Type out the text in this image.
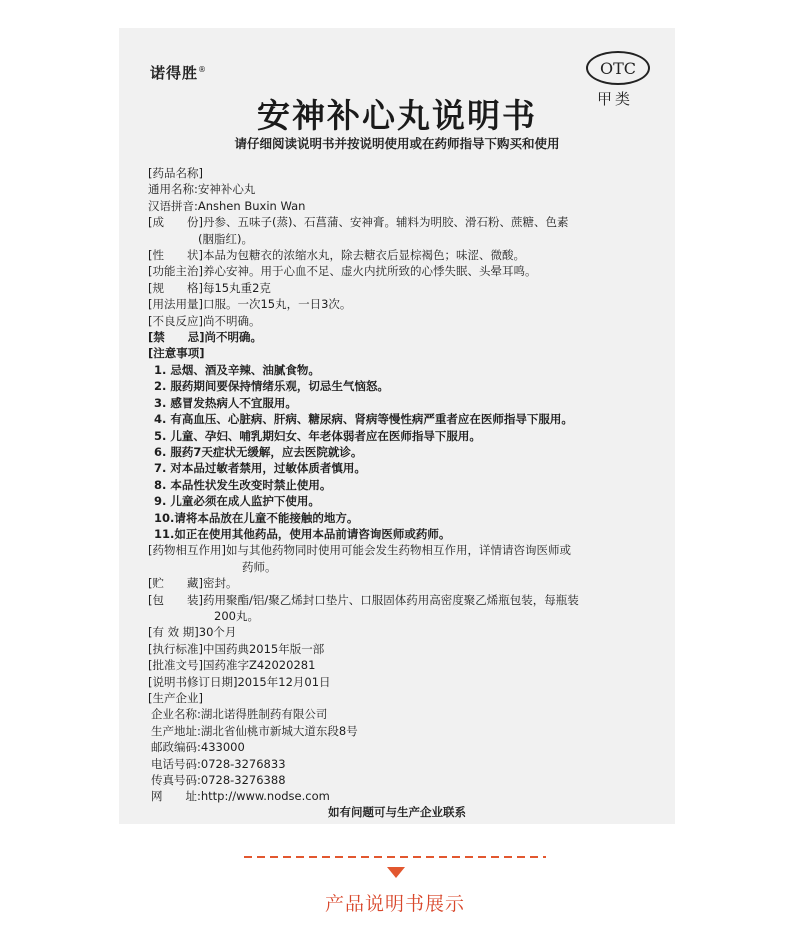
诺得胜®	OTC
甲类
安神补心丸说明书
请仔细阅读说明书并按说明使用或在药师指导下购买和使用
[药品名称]
通用名称: 安神补心丸
汉语拼音: Anshen Buxin Wan
[成　　份] 丹参、五味子(蒸)、石菖蒲、安神膏。辅料为明胶、滑石粉、蔗糖、色素
(胭脂红)。
[性　　状] 本品为包糖衣的浓缩水丸，除去糖衣后显棕褐色；味涩、微酸。
[功能主治] 养心安神。用于心血不足、虚火内扰所致的心悸失眠、头晕耳鸣。
[规　　格] 每15丸重2克
[用法用量] 口服。一次15丸，一日3次。
[不良反应] 尚不明确。
[禁　　忌] 尚不明确。
[注意事项]
1. 忌烟、酒及辛辣、油腻食物。
2. 服药期间要保持情绪乐观，切忌生气恼怒。
3. 感冒发热病人不宜服用。
4. 有高血压、心脏病、肝病、糖尿病、肾病等慢性病严重者应在医师指导下服用。
5. 儿童、孕妇、哺乳期妇女、年老体弱者应在医师指导下服用。
6. 服药7天症状无缓解，应去医院就诊。
7. 对本品过敏者禁用，过敏体质者慎用。
8. 本品性状发生改变时禁止使用。
9. 儿童必须在成人监护下使用。
10.请将本品放在儿童不能接触的地方。
11.如正在使用其他药品，使用本品前请咨询医师或药师。
[药物相互作用] 如与其他药物同时使用可能会发生药物相互作用，详情请咨询医师或
药师。
[贮　　藏] 密封。
[包　　装] 药用聚酯/铝/聚乙烯封口垫片、口服固体药用高密度聚乙烯瓶包装，每瓶装
200丸。
[有 效 期] 30个月
[执行标准] 中国药典2015年版一部
[批准文号] 国药准字Z42020281
[说明书修订日期] 2015年12月01日
[生产企业]
企业名称: 湖北诺得胜制药有限公司
生产地址: 湖北省仙桃市新城大道东段8号
邮政编码: 433000
电话号码: 0728-3276833
传真号码: 0728-3276388
网　　址: http://www.nodse.com
如有问题可与生产企业联系
产品说明书展示
